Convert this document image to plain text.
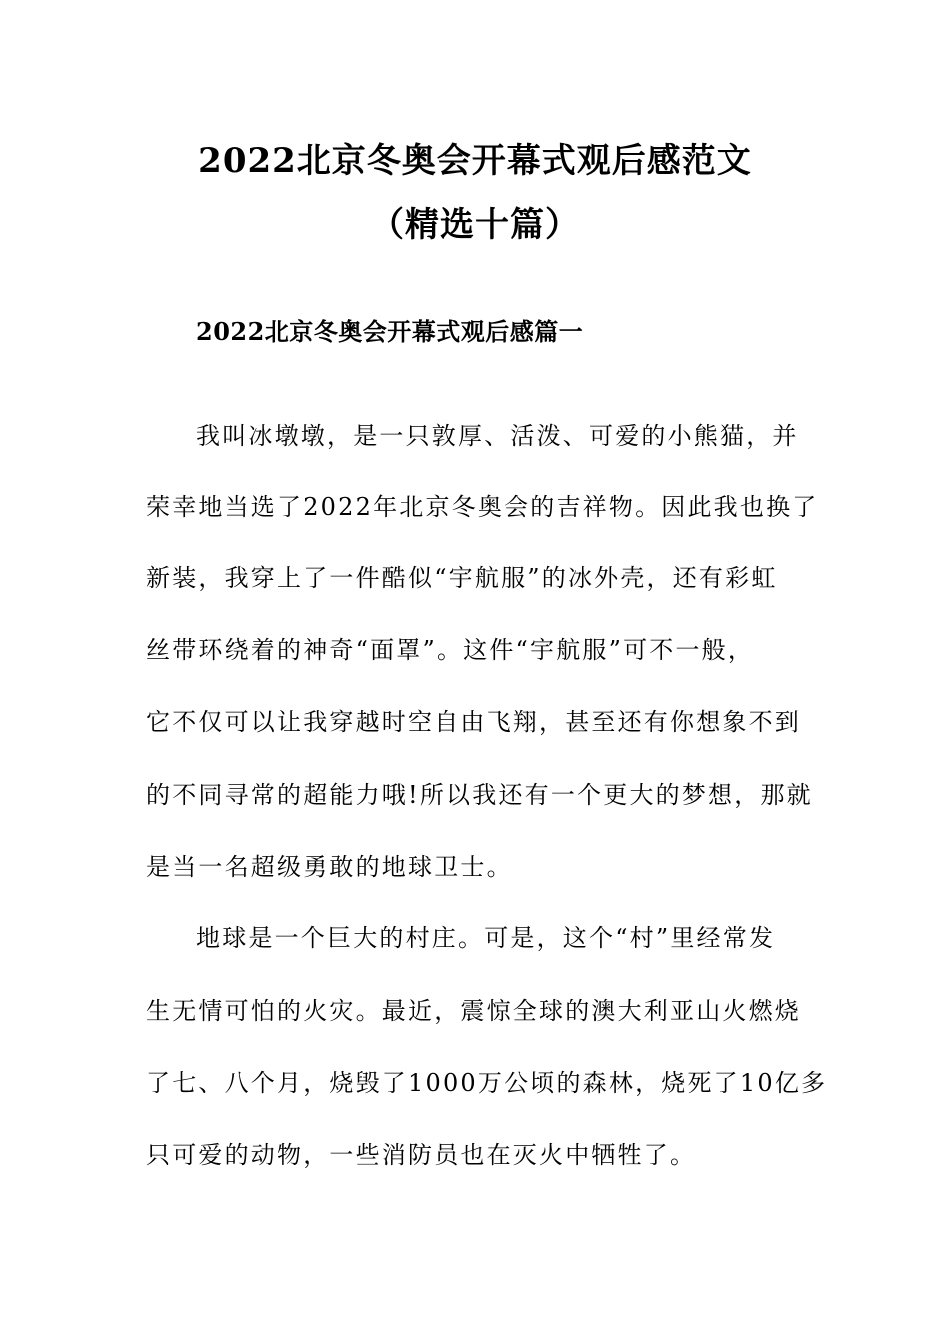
2022北京冬奥会开幕式观后感范文
（精选十篇）
2022北京冬奥会开幕式观后感篇一
我叫冰墩墩，是一只敦厚、活泼、可爱的小熊猫，并
荣幸地当选了2022年北京冬奥会的吉祥物。因此我也换了
新装，我穿上了一件酷似“宇航服”的冰外壳，还有彩虹
丝带环绕着的神奇“面罩”。这件“宇航服”可不一般，
它不仅可以让我穿越时空自由飞翔，甚至还有你想象不到
的不同寻常的超能力哦!所以我还有一个更大的梦想，那就
是当一名超级勇敢的地球卫士。
地球是一个巨大的村庄。可是，这个“村”里经常发
生无情可怕的火灾。最近，震惊全球的澳大利亚山火燃烧
了七、八个月，烧毁了1000万公顷的森林，烧死了10亿多
只可爱的动物，一些消防员也在灭火中牺牲了。
